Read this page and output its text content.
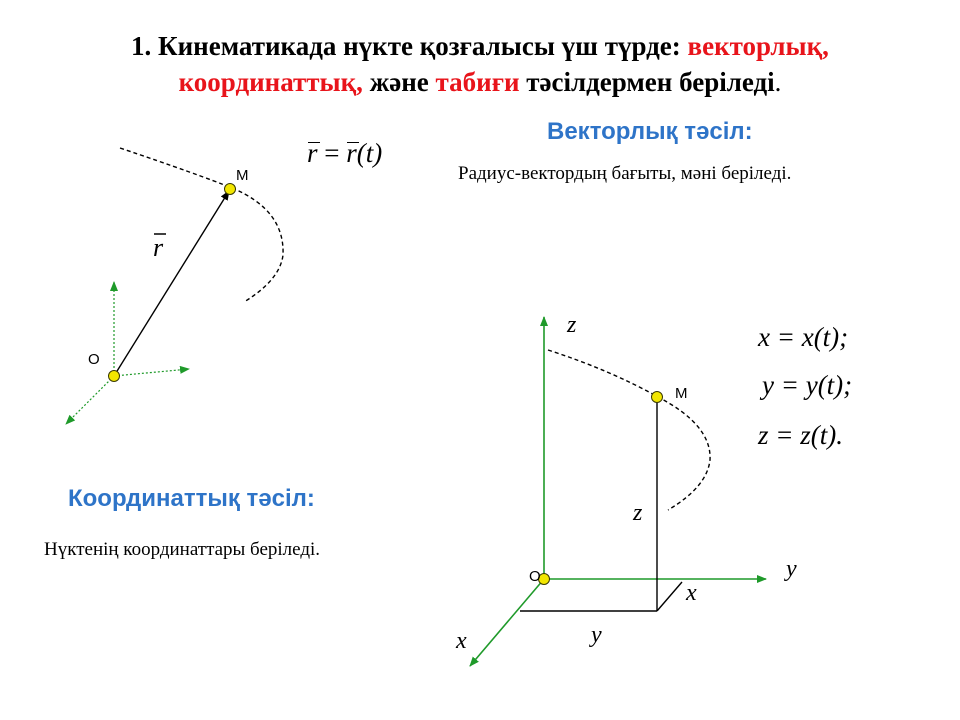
1. Кинематикада нүкте қозғалысы үш түрде: векторлық,
координаттық, және табиғи тәсілдермен беріледі.
Векторлық тәсіл:
Радиус-вектордың бағыты, мәні беріледі.
r =
r(t)
Координаттық тәсіл:
Нүктенің координаттары беріледі.
x = x(t);
y = y(t);
z = z(t).
M
O
r
z
y
x
z
x
y
M
O
